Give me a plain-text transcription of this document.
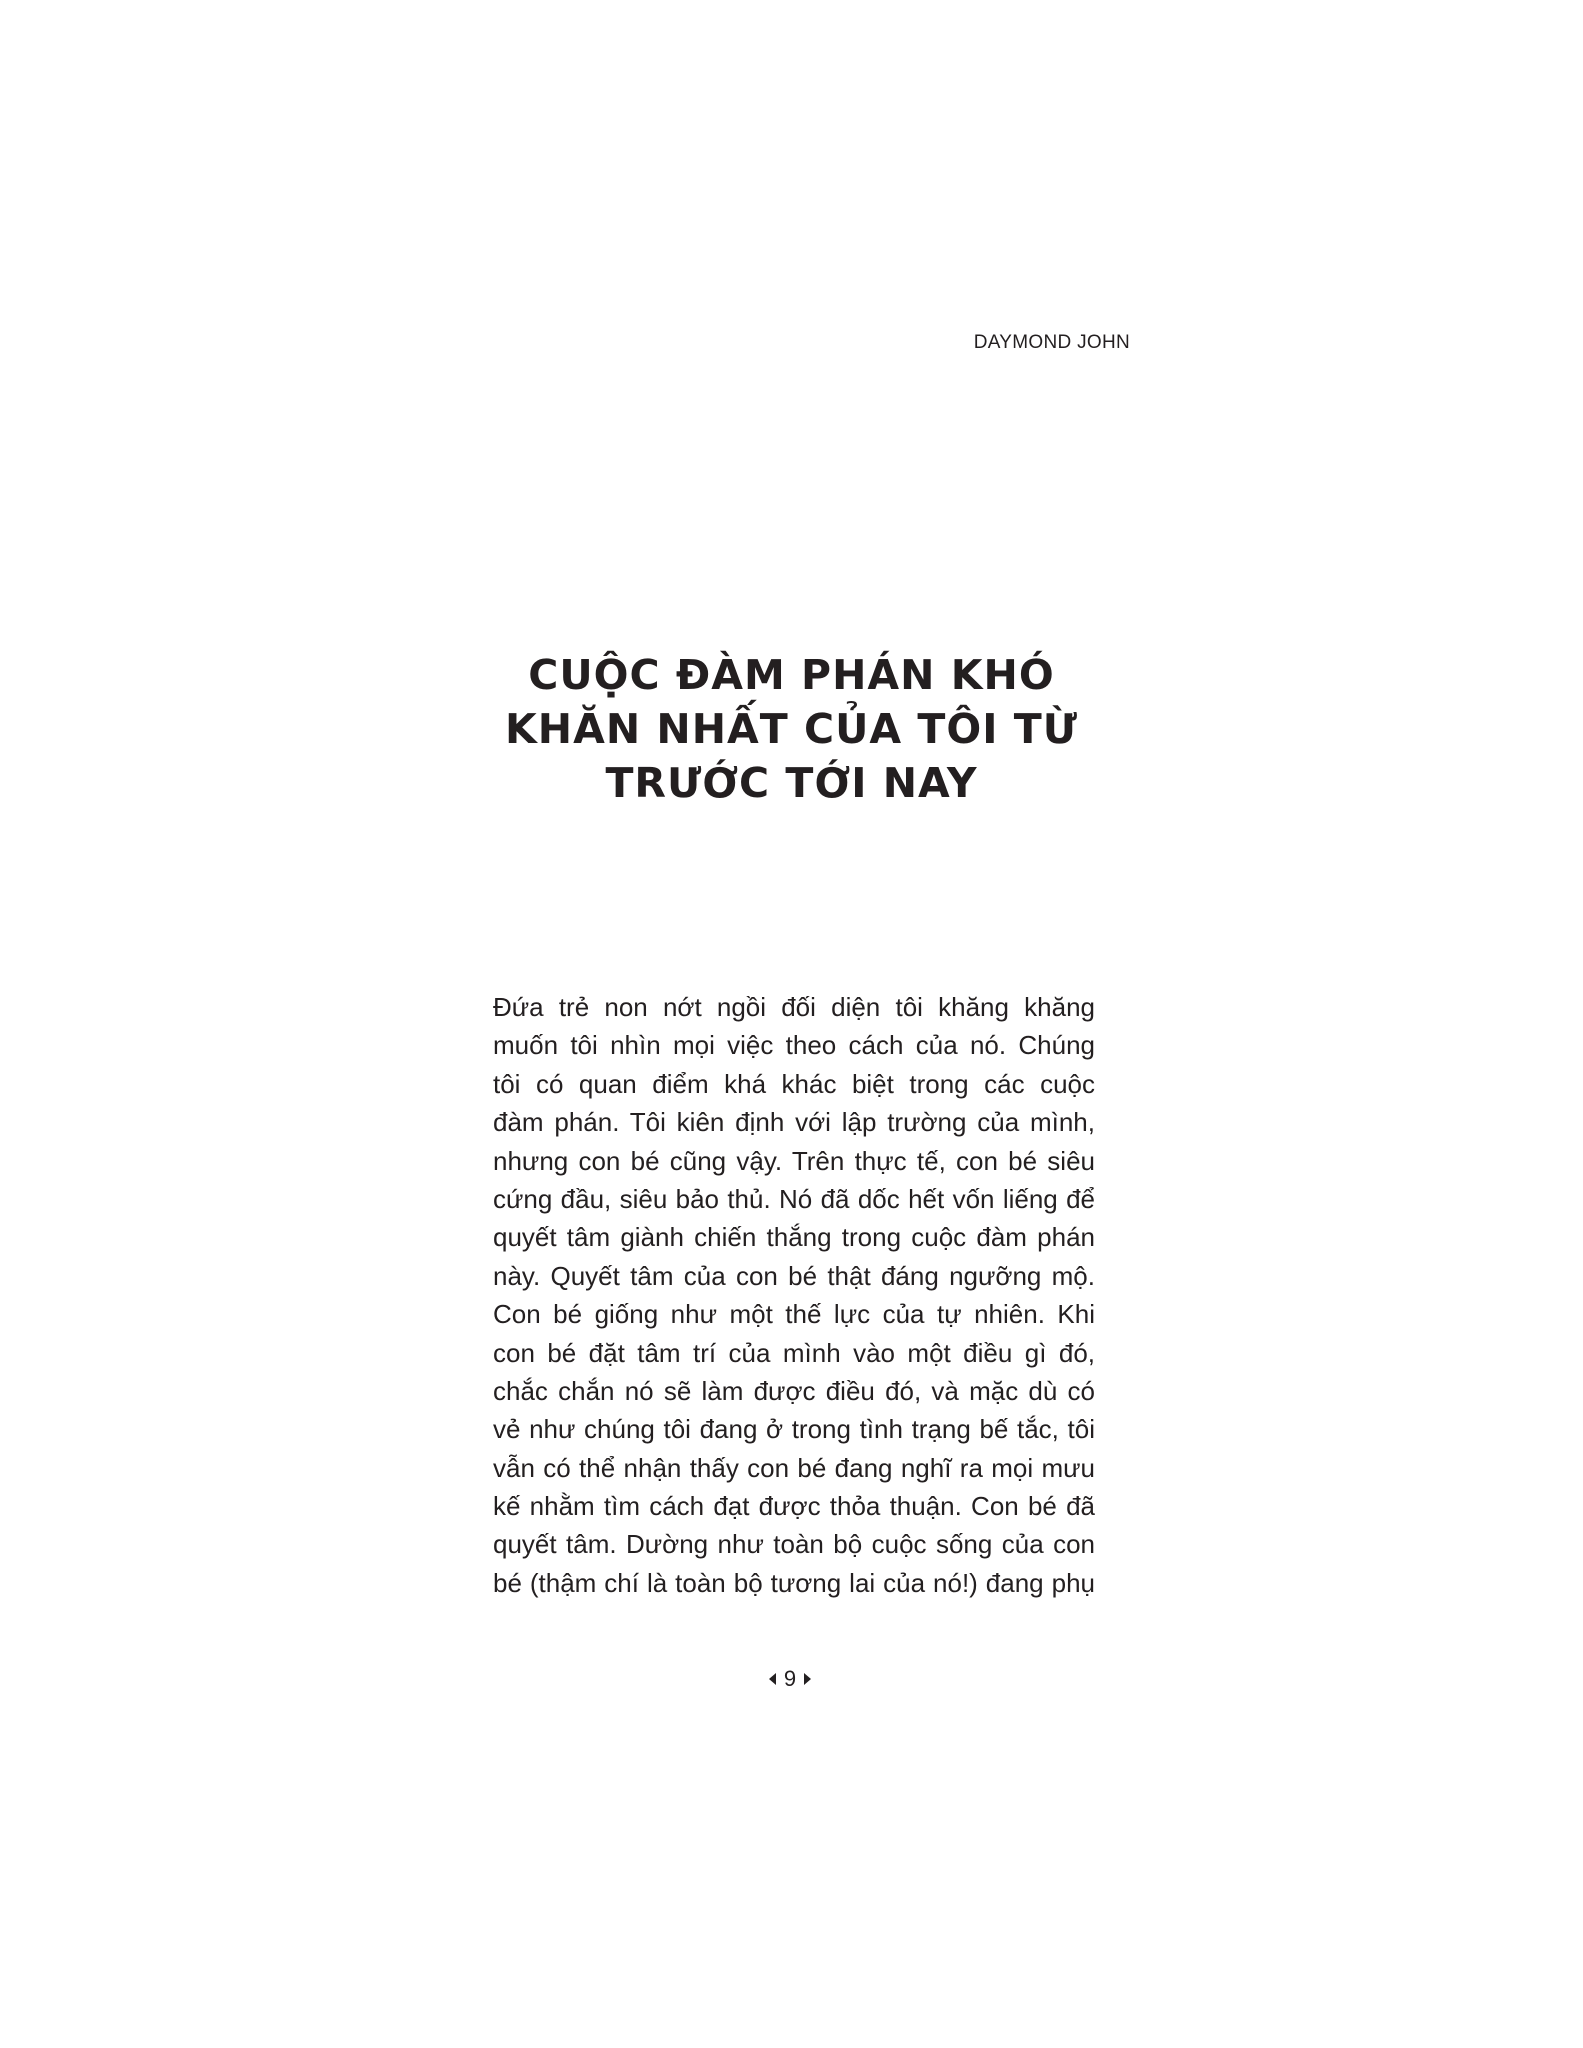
DAYMOND JOHN
CUỘC ĐÀM PHÁN KHÓ
KHĂN NHẤT CỦA TÔI TỪ
TRƯỚC TỚI NAY
Đứa trẻ non nớt ngồi đối diện tôi khăng khăng
muốn tôi nhìn mọi việc theo cách của nó. Chúng
tôi có quan điểm khá khác biệt trong các cuộc
đàm phán. Tôi kiên định với lập trường của mình,
nhưng con bé cũng vậy. Trên thực tế, con bé siêu
cứng đầu, siêu bảo thủ. Nó đã dốc hết vốn liếng để
quyết tâm giành chiến thắng trong cuộc đàm phán
này. Quyết tâm của con bé thật đáng ngưỡng mộ.
Con bé giống như một thế lực của tự nhiên. Khi
con bé đặt tâm trí của mình vào một điều gì đó,
chắc chắn nó sẽ làm được điều đó, và mặc dù có
vẻ như chúng tôi đang ở trong tình trạng bế tắc, tôi
vẫn có thể nhận thấy con bé đang nghĩ ra mọi mưu
kế nhằm tìm cách đạt được thỏa thuận. Con bé đã
quyết tâm. Dường như toàn bộ cuộc sống của con
bé (thậm chí là toàn bộ tương lai của nó!) đang phụ
9
